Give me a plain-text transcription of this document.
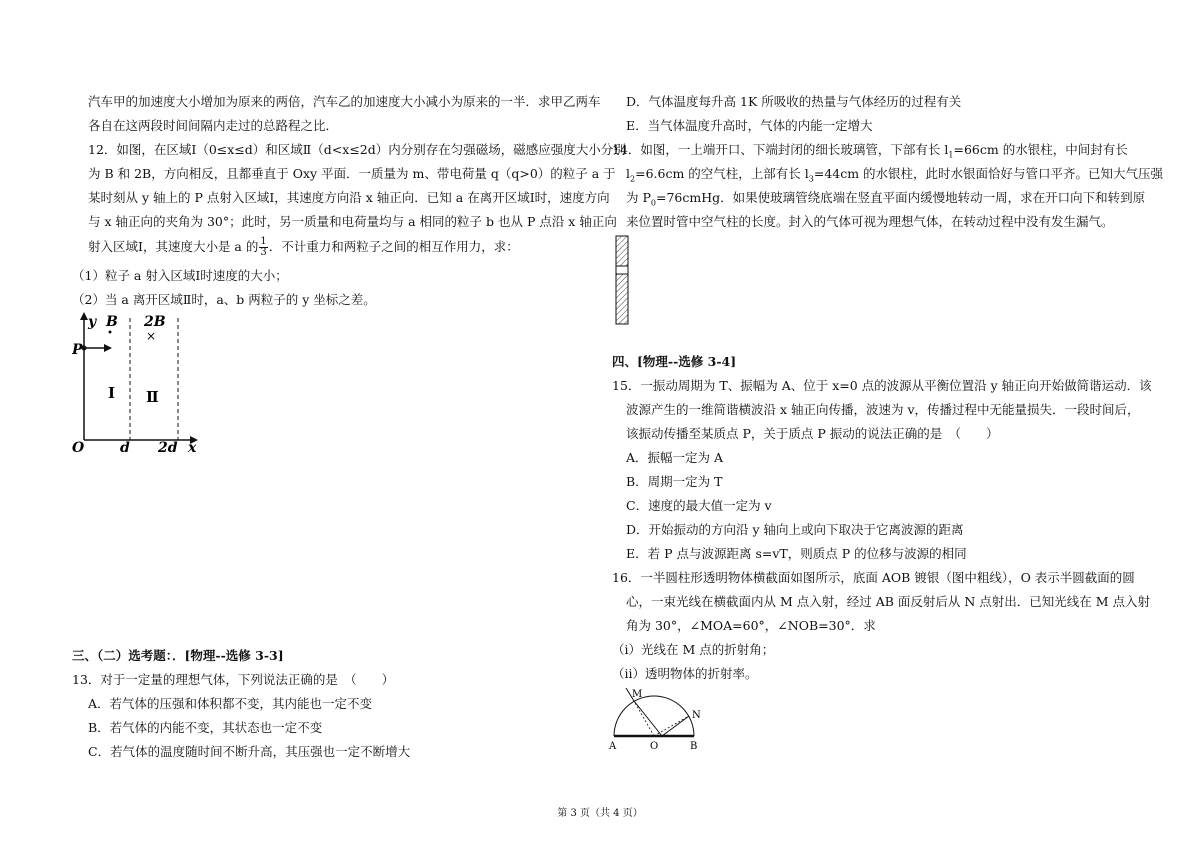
汽车甲的加速度大小增加为原来的两倍，汽车乙的加速度大小减小为原来的一半．求甲乙两车
各自在这两段时间间隔内走过的总路程之比．
12．如图，在区域Ⅰ（0≤x≤d）和区域Ⅱ（d<x≤2d）内分别存在匀强磁场，磁感应强度大小分别
为 B 和 2B，方向相反，且都垂直于 Oxy 平面．一质量为 m、带电荷量 q（q>0）的粒子 a 于
某时刻从 y 轴上的 P 点射入区域Ⅰ，其速度方向沿 x 轴正向．已知 a 在离开区域Ⅰ时，速度方向
与 x 轴正向的夹角为 30°；此时，另一质量和电荷量均与 a 相同的粒子 b 也从 P 点沿 x 轴正向
射入区域Ⅰ，其速度大小是 a 的 $\frac{1}{3}$ ．不计重力和两粒子之间的相互作用力，求：
（1）粒子 a 射入区域Ⅰ时速度的大小；
（2）当 a 离开区域Ⅱ时，a、b 两粒子的 y 坐标之差。
y B 2B
×
P
Ⅰ Ⅱ
O	d 2d x
三、（二）选考题：．[物理--选修 3-3]
13．对于一定量的理想气体，下列说法正确的是　（　　）
A．若气体的压强和体积都不变，其内能也一定不变
B．若气体的内能不变，其状态也一定不变
C．若气体的温度随时间不断升高，其压强也一定不断增大
D．气体温度每升高 1K 所吸收的热量与气体经历的过程有关
E．当气体温度升高时，气体的内能一定增大
14．如图，一上端开口、下端封闭的细长玻璃管，下部有长 $l_1=66cm$ 的水银柱，中间封有长
$l_2=6.6cm$ 的空气柱，上部有长 $l_3=44cm$ 的水银柱，此时水银面恰好与管口平齐。已知大气压强
为 $P_0=76cmHg$．如果使玻璃管绕底端在竖直平面内缓慢地转动一周，求在开口向下和转到原
来位置时管中空气柱的长度。封入的气体可视为理想气体，在转动过程中没有发生漏气。
四、[物理--选修 3-4]
15．一振动周期为 T、振幅为 A、位于 x=0 点的波源从平衡位置沿 y 轴正向开始做简谐运动．该
波源产生的一维简谐横波沿 x 轴正向传播，波速为 v，传播过程中无能量损失．一段时间后，
该振动传播至某质点 P，关于质点 P 振动的说法正确的是　（　　）
A．振幅一定为 A
B．周期一定为 T
C．速度的最大值一定为 v
D．开始振动的方向沿 y 轴向上或向下取决于它离波源的距离
E．若 P 点与波源距离 s=vT，则质点 P 的位移与波源的相同
16．一半圆柱形透明物体横截面如图所示，底面 AOB 镀银（图中粗线），O 表示半圆截面的圆
心，一束光线在横截面内从 M 点入射，经过 AB 面反射后从 N 点射出．已知光线在 M 点入射
角为 30°，∠MOA=60°，∠NOB=30°．求
（i）光线在 M 点的折射角；
（ii）透明物体的折射率。
M
N
A	O	B
第 3 页（共 4 页）
